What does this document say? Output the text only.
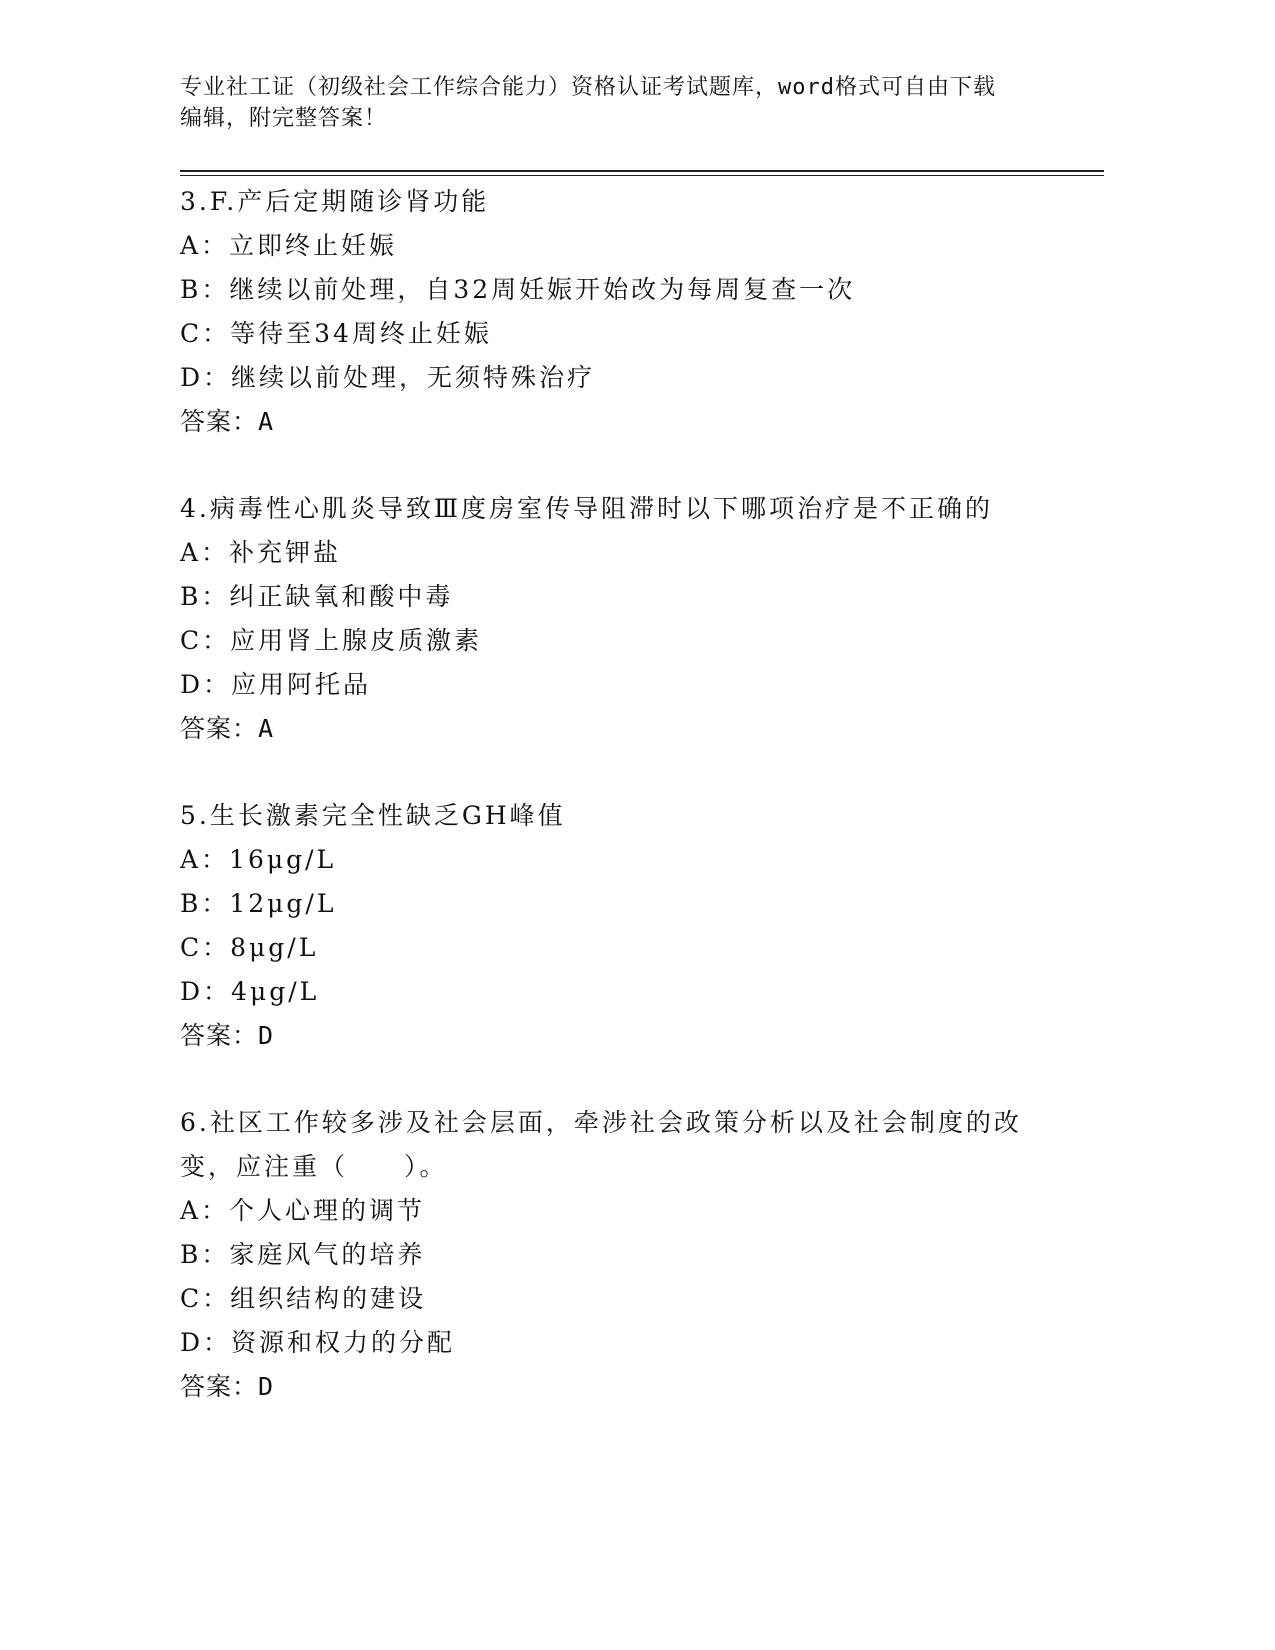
专业社工证（初级社会工作综合能力）资格认证考试题库，word格式可自由下载
编辑，附完整答案！
3.F.产后定期随诊肾功能
A：立即终止妊娠
B：继续以前处理，自32周妊娠开始改为每周复查一次
C：等待至34周终止妊娠
D：继续以前处理，无须特殊治疗
答案：A
4.病毒性心肌炎导致Ⅲ度房室传导阻滞时以下哪项治疗是不正确的
A：补充钾盐
B：纠正缺氧和酸中毒
C：应用肾上腺皮质激素
D：应用阿托品
答案：A
5.生长激素完全性缺乏GH峰值
A：16μg/L
B：12μg/L
C：8μg/L
D：4μg/L
答案：D
6.社区工作较多涉及社会层面，牵涉社会政策分析以及社会制度的改变，应注重（　　）。
A：个人心理的调节
B：家庭风气的培养
C：组织结构的建设
D：资源和权力的分配
答案：D
